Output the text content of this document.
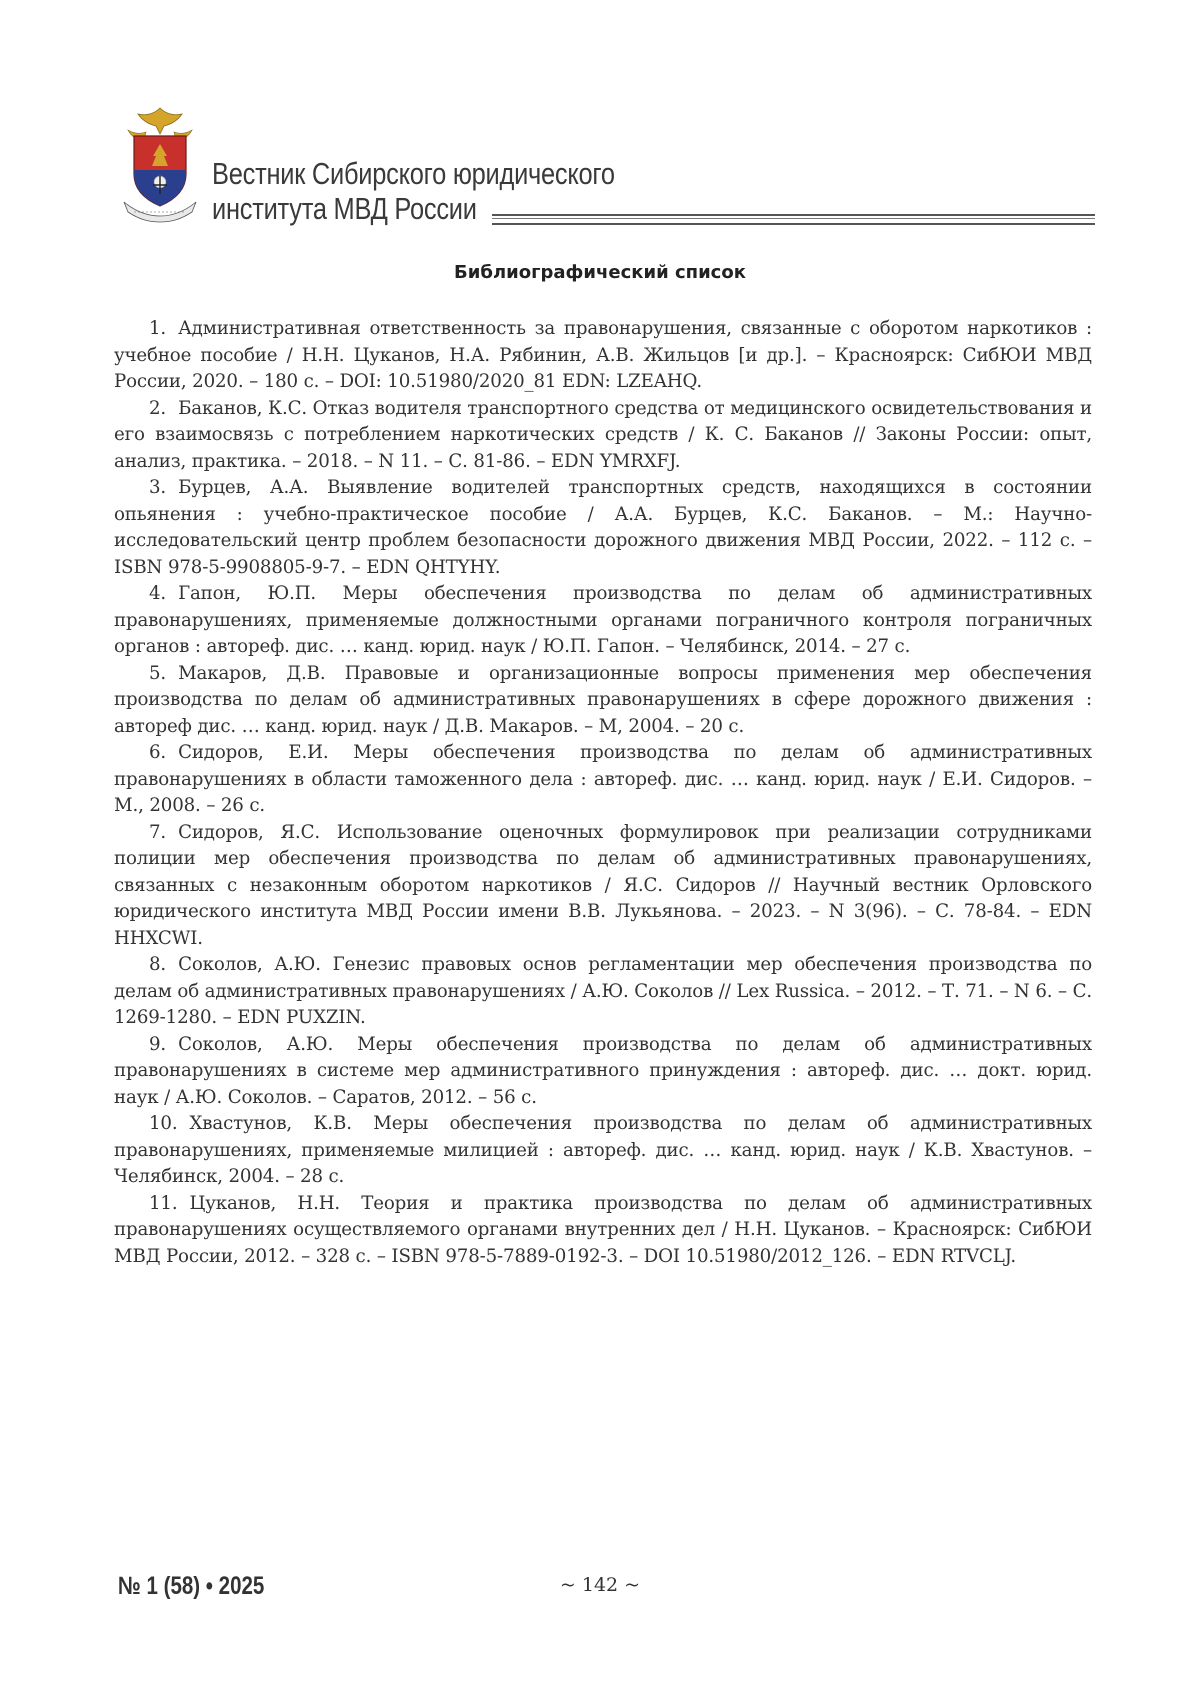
Вестник Сибирского юридического
института МВД России
Библиографический список
1. Административная ответственность за правонарушения, связанные с оборотом наркотиков : учебное пособие / Н.Н. Цуканов, Н.А. Рябинин, А.В. Жильцов [и др.]. – Красноярск: СибЮИ МВД России, 2020. – 180 с. – DOI: 10.51980/2020_81 EDN: LZEAHQ.
2. Баканов, К.С. Отказ водителя транспортного средства от медицинского освидетельствования и его взаимосвязь с потреблением наркотических средств / К. С. Баканов // Законы России: опыт, анализ, практика. – 2018. – N 11. – С. 81-86. – EDN YMRXFJ.
3. Бурцев, А.А. Выявление водителей транспортных средств, находящихся в состоянии опьянения : учебно-практическое пособие / А.А. Бурцев, К.С. Баканов. – М.: Научно-исследовательский центр проблем безопасности дорожного движения МВД России, 2022. – 112 с. – ISBN 978-5-9908805-9-7. – EDN QHTYHY.
4. Гапон, Ю.П. Меры обеспечения производства по делам об административных правонарушениях, применяемые должностными органами пограничного контроля пограничных органов : автореф. дис. … канд. юрид. наук / Ю.П. Гапон. – Челябинск, 2014. – 27 с.
5. Макаров, Д.В. Правовые и организационные вопросы применения мер обеспечения производства по делам об административных правонарушениях в сфере дорожного движения : автореф дис. … канд. юрид. наук / Д.В. Макаров. – М, 2004. – 20 с.
6. Сидоров, Е.И. Меры обеспечения производства по делам об административных правонарушениях в области таможенного дела : автореф. дис. … канд. юрид. наук / Е.И. Сидоров. – М., 2008. – 26 с.
7. Сидоров, Я.С. Использование оценочных формулировок при реализации сотрудниками полиции мер обеспечения производства по делам об административных правонарушениях, связанных с незаконным оборотом наркотиков / Я.С. Сидоров // Научный вестник Орловского юридического института МВД России имени В.В. Лукьянова. – 2023. – N 3(96). – С. 78-84. – EDN HHXCWI.
8. Соколов, А.Ю. Генезис правовых основ регламентации мер обеспечения производства по делам об административных правонарушениях / А.Ю. Соколов // Lex Russica. – 2012. – Т. 71. – N 6. – С. 1269-1280. – EDN PUXZIN.
9. Соколов, А.Ю. Меры обеспечения производства по делам об административных правонарушениях в системе мер административного принуждения : автореф. дис. … докт. юрид. наук / А.Ю. Соколов. – Саратов, 2012. – 56 с.
10. Хвастунов, К.В. Меры обеспечения производства по делам об административных правонарушениях, применяемые милицией : автореф. дис. … канд. юрид. наук / К.В. Хвастунов. – Челябинск, 2004. – 28 с.
11. Цуканов, Н.Н. Теория и практика производства по делам об административных правонарушениях осуществляемого органами внутренних дел / Н.Н. Цуканов. – Красноярск: СибЮИ МВД России, 2012. – 328 с. – ISBN 978-5-7889-0192-3. – DOI 10.51980/2012_126. – EDN RTVCLJ.

№ 1 (58) • 2025	~ 142 ~
